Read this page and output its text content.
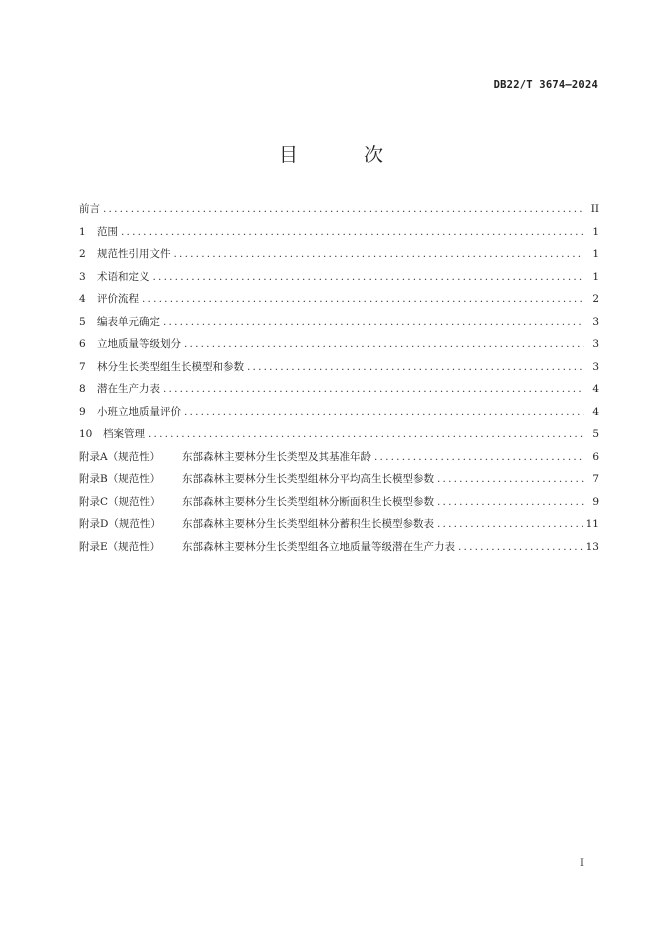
DB22/T 3674—2024
目 次
前言 .....	II
1	范围 .....	1
2	规范性引用文件 .....	1
3	术语和定义 .....	1
4	评价流程 .....	2
5	编表单元确定 .....	3
6	立地质量等级划分 .....	3
7	林分生长类型组生长模型和参数 .....	3
8	潜在生产力表 .....	4
9	小班立地质量评价 .....	4
10	档案管理 .....	5
附录A（规范性）	东部森林主要林分生长类型及其基准年龄 .....	6
附录B（规范性）	东部森林主要林分生长类型组林分平均高生长模型参数 .....	7
附录C（规范性）	东部森林主要林分生长类型组林分断面积生长模型参数 .....	9
附录D（规范性）	东部森林主要林分生长类型组林分蓄积生长模型参数表 .....	11
附录E（规范性）	东部森林主要林分生长类型组各立地质量等级潜在生产力表 .....	13
I
